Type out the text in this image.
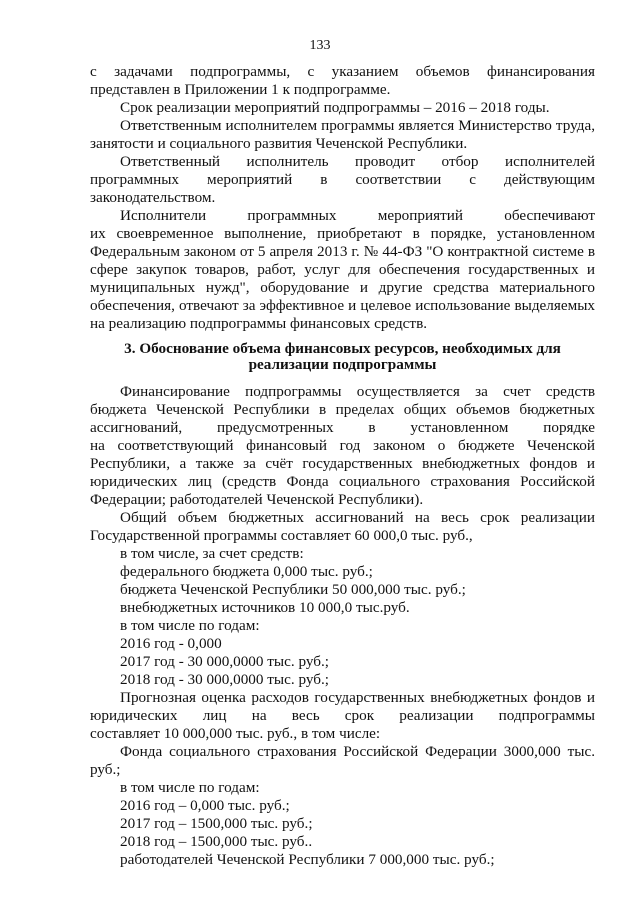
133
с задачами подпрограммы, с указанием объемов финансирования
представлен в Приложении 1 к подпрограмме.
Срок реализации мероприятий подпрограммы – 2016 – 2018 годы.
Ответственным исполнителем программы является Министерство труда,
занятости и социального развития Чеченской Республики.
Ответственный исполнитель проводит отбор исполнителей
программных мероприятий в соответствии с действующим
законодательством.
Исполнители программных мероприятий обеспечивают
их своевременное выполнение, приобретают в порядке, установленном
Федеральным законом от 5 апреля 2013 г. № 44-ФЗ "О контрактной системе в
сфере закупок товаров, работ, услуг для обеспечения государственных и
муниципальных нужд", оборудование и другие средства материального
обеспечения, отвечают за эффективное и целевое использование выделяемых
на реализацию подпрограммы финансовых средств.
3. Обоснование объема финансовых ресурсов, необходимых для
реализации подпрограммы
Финансирование подпрограммы осуществляется за счет средств
бюджета Чеченской Республики в пределах общих объемов бюджетных
ассигнований, предусмотренных в установленном порядке
на соответствующий финансовый год законом о бюджете Чеченской
Республики, а также за счёт государственных внебюджетных фондов и
юридических лиц (средств Фонда социального страхования Российской
Федерации; работодателей Чеченской Республики).
Общий объем бюджетных ассигнований на весь срок реализации
Государственной программы составляет 60 000,0 тыс. руб.,
в том числе, за счет средств:
федерального бюджета 0,000 тыс. руб.;
бюджета Чеченской Республики 50 000,000 тыс. руб.;
внебюджетных источников 10 000,0 тыс.руб.
в том числе по годам:
2016 год - 0,000
2017 год - 30 000,0000 тыс. руб.;
2018 год - 30 000,0000 тыс. руб.;
Прогнозная оценка расходов государственных внебюджетных фондов и
юридических лиц на весь срок реализации подпрограммы
составляет 10 000,000 тыс. руб., в том числе:
Фонда социального страхования Российской Федерации 3000,000 тыс.
руб.;
в том числе по годам:
2016 год – 0,000 тыс. руб.;
2017 год – 1500,000 тыс. руб.;
2018 год – 1500,000 тыс. руб..
работодателей Чеченской Республики 7 000,000 тыс. руб.;
